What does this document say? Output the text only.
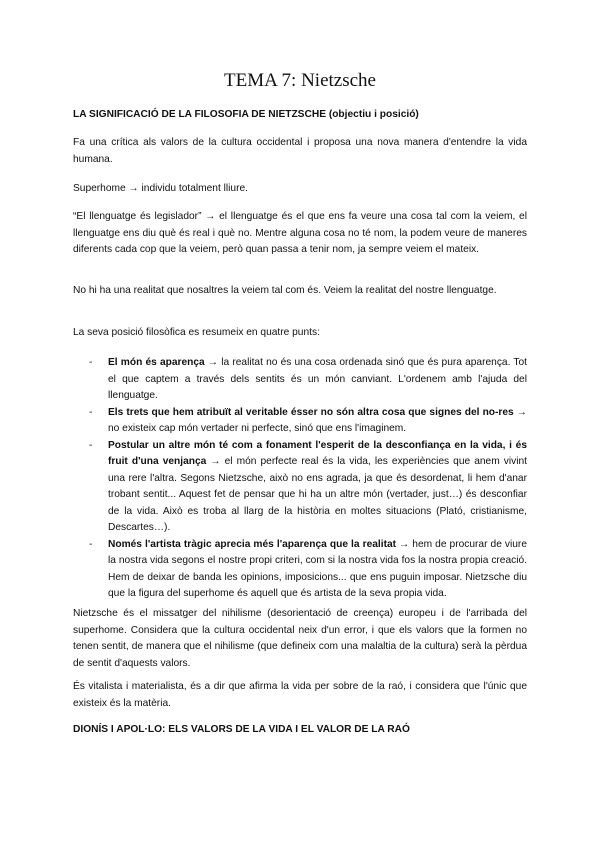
TEMA 7: Nietzsche

LA SIGNIFICACIÓ DE LA FILOSOFIA DE NIETZSCHE (objectiu i posició)

Fa una crítica als valors de la cultura occidental i proposa una nova manera d'entendre la vida humana.

Superhome → individu totalment lliure.

“El llenguatge és legislador” → el llenguatge és el que ens fa veure una cosa tal com la veiem, el llenguatge ens diu què és real i què no. Mentre alguna cosa no té nom, la podem veure de maneres diferents cada cop que la veiem, però quan passa a tenir nom, ja sempre veiem el mateix.

No hi ha una realitat que nosaltres la veiem tal com és. Veiem la realitat del nostre llenguatge.

La seva posició filosòfica es resumeix en quatre punts:

- El món és aparença → la realitat no és una cosa ordenada sinó que és pura aparença. Tot el que captem a través dels sentits és un món canviant. L'ordenem amb l'ajuda del llenguatge.
- Els trets que hem atribuït al veritable ésser no són altra cosa que signes del no-res → no existeix cap món vertader ni perfecte, sinó que ens l'imaginem.
- Postular un altre món té com a fonament l'esperit de la desconfiança en la vida, i és fruit d'una venjança → el món perfecte real és la vida, les experiències que anem vivint una rere l'altra. Segons Nietzsche, això no ens agrada, ja que és desordenat, li hem d'anar trobant sentit... Aquest fet de pensar que hi ha un altre món (vertader, just…) és desconfiar de la vida. Això es troba al llarg de la història en moltes situacions (Plató, cristianisme, Descartes…).
- Només l'artista tràgic aprecia més l'aparença que la realitat → hem de procurar de viure la nostra vida segons el nostre propi criteri, com si la nostra vida fos la nostra propia creació. Hem de deixar de banda les opinions, imposicions... que ens puguin imposar. Nietzsche diu que la figura del superhome és aquell que és artista de la seva propia vida.

Nietzsche és el missatger del nihilisme (desorientació de creença) europeu i de l'arribada del superhome. Considera que la cultura occidental neix d'un error, i que els valors que la formen no tenen sentit, de manera que el nihilisme (que defineix com una malaltia de la cultura) serà la pèrdua de sentit d'aquests valors.

És vitalista i materialista, és a dir que afirma la vida per sobre de la raó, i considera que l'únic que existeix és la matèria.

DIONÍS I APOL·LO: ELS VALORS DE LA VIDA I EL VALOR DE LA RAÓ
